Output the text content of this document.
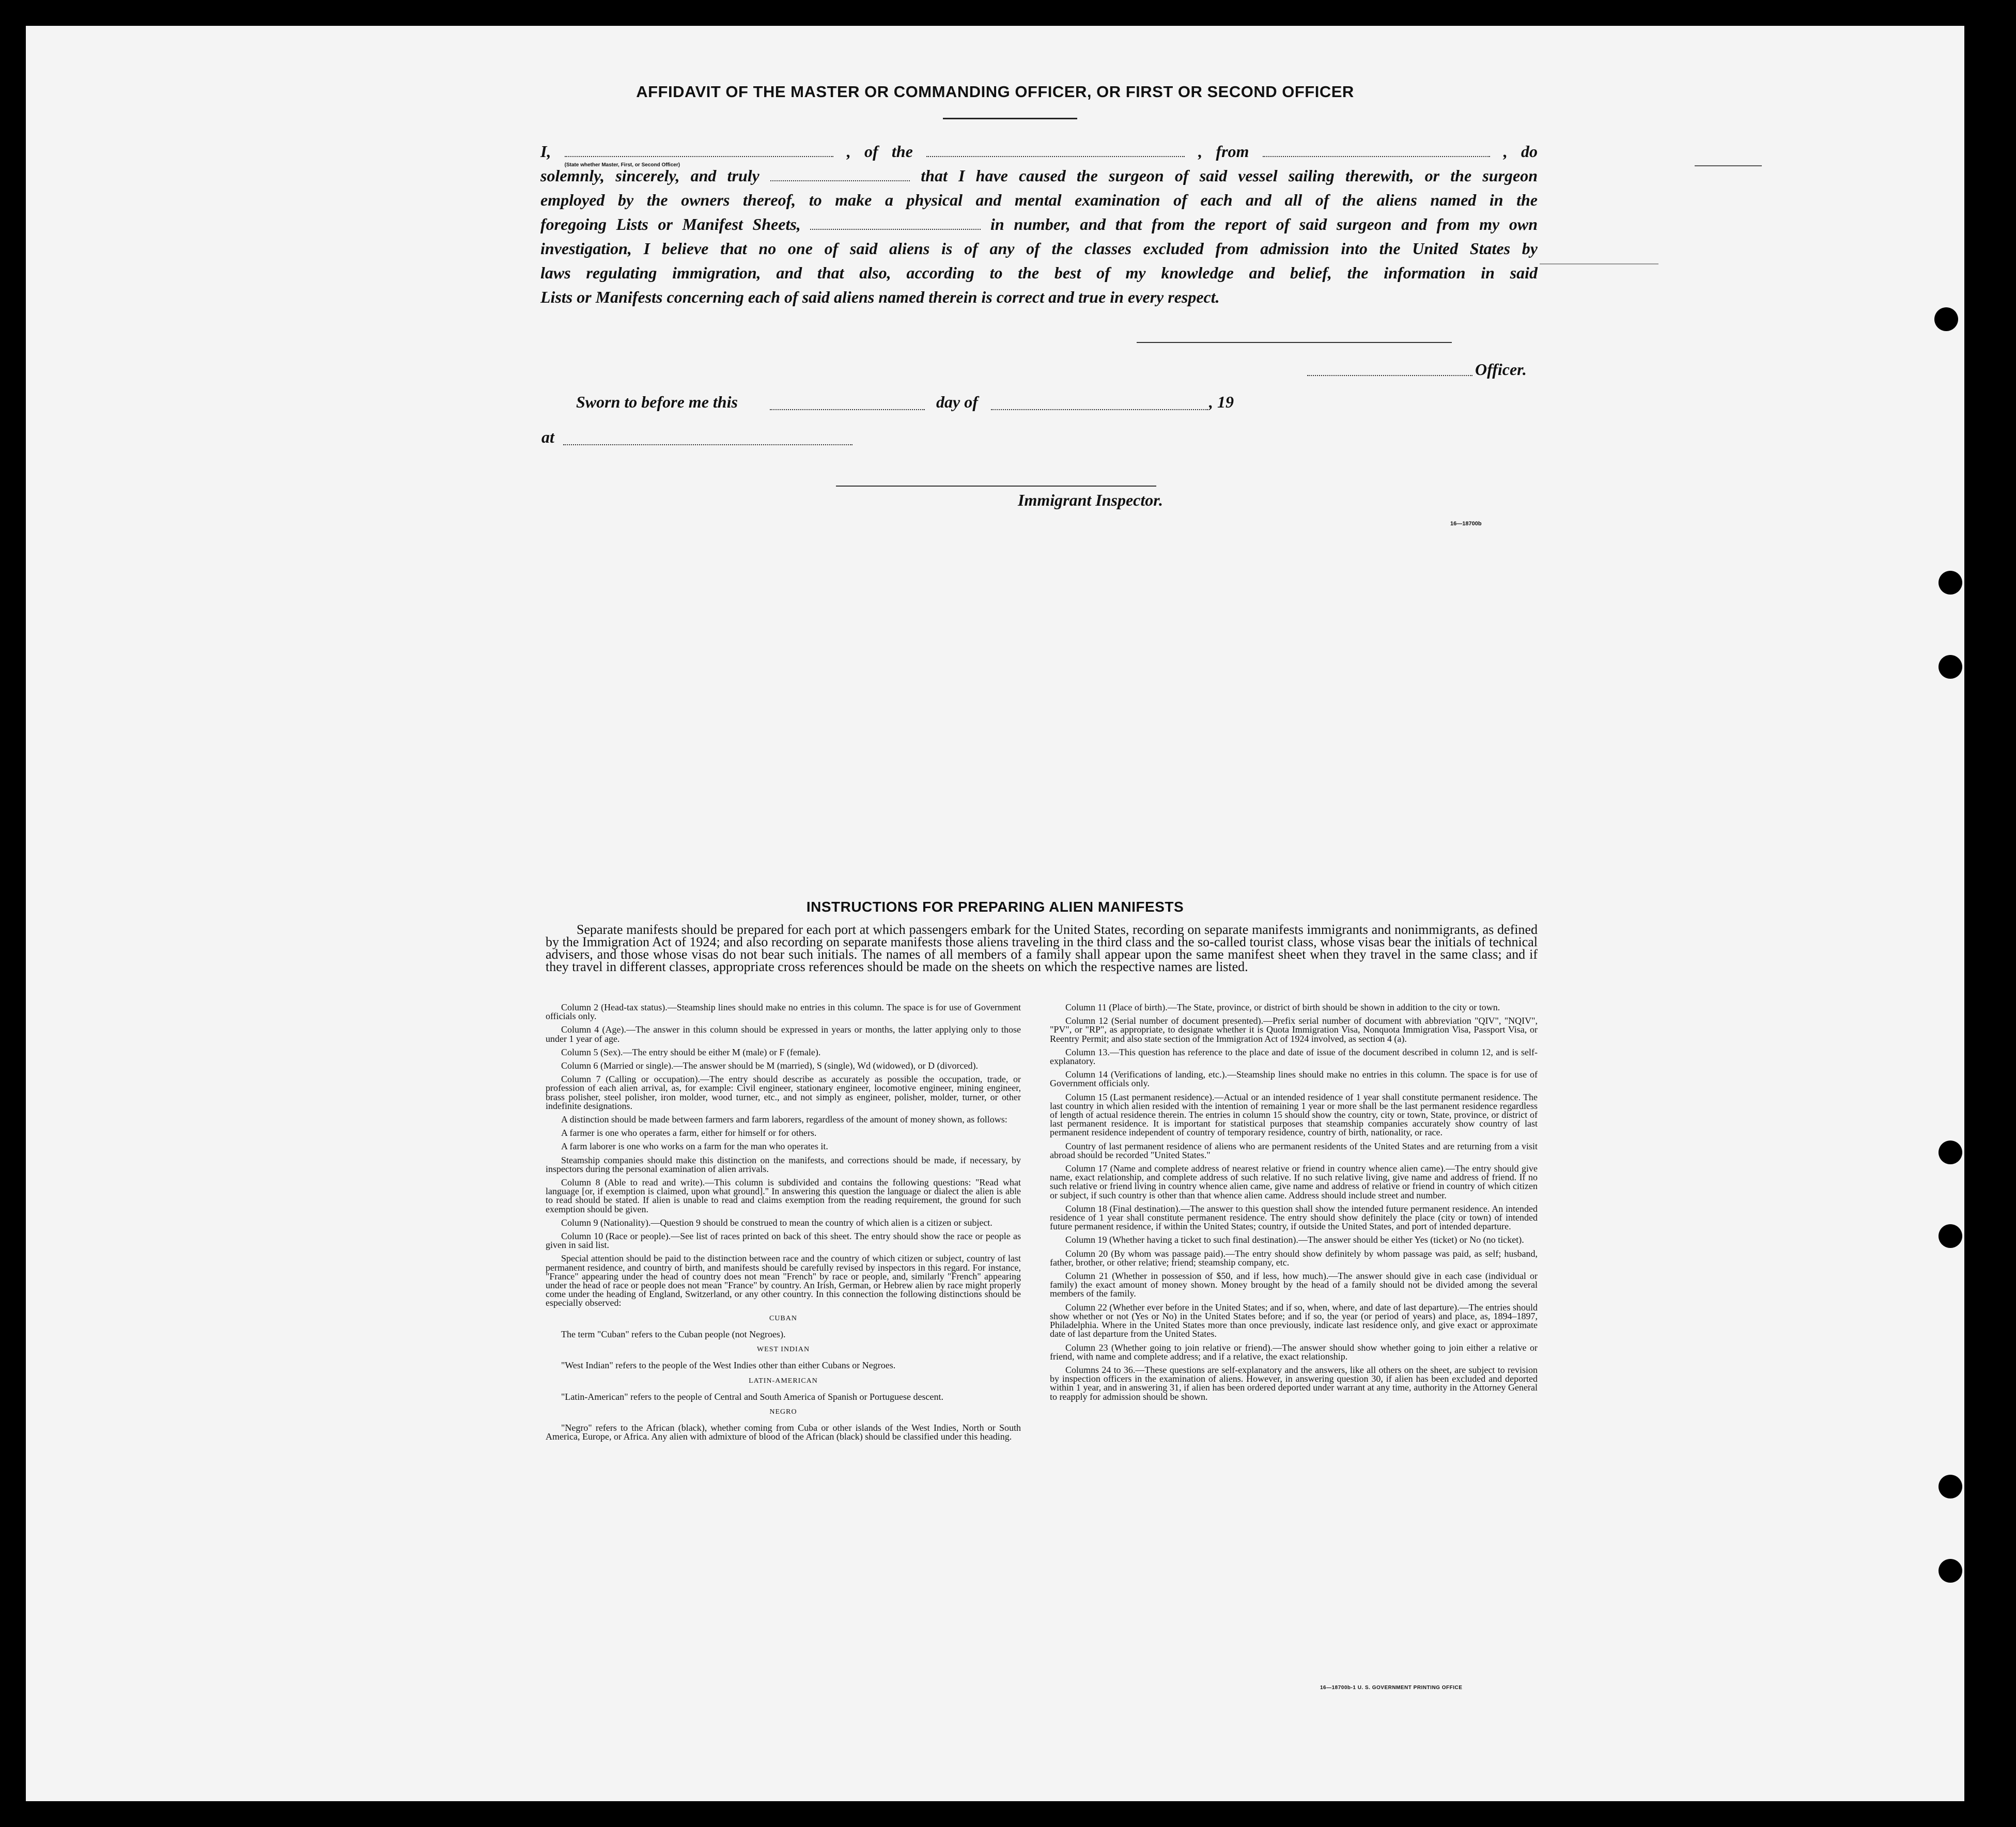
AFFIDAVIT OF THE MASTER OR COMMANDING OFFICER, OR FIRST OR SECOND OFFICER
I,
(State whether Master, First, or Second Officer)
, of the	, from	, do
solemnly, sincerely, and truly	that I have caused the surgeon of said vessel sailing therewith, or the surgeon
employed by the owners thereof, to make a physical and mental examination of each and all of the aliens named in the
foregoing Lists or Manifest Sheets,	in number, and that from the report of said surgeon and from my own
investigation, I believe that no one of said aliens is of any of the classes excluded from admission into the United States by
laws regulating immigration, and that also, according to the best of my knowledge and belief, the information in said
Lists or Manifests concerning each of said aliens named therein is correct and true in every respect.
Officer.
Sworn to before me this	day of	, 19
at
Immigrant Inspector.
16—18700b
INSTRUCTIONS FOR PREPARING ALIEN MANIFESTS
Separate manifests should be prepared for each port at which passengers embark for the United States, recording on separate manifests immigrants and nonimmigrants, as defined by the Immigration Act of 1924; and also recording on separate manifests those aliens traveling in the third class and the so-called tourist class, whose visas bear the initials of technical advisers, and those whose visas do not bear such initials. The names of all members of a family shall appear upon the same manifest sheet when they travel in the same class; and if they travel in different classes, appropriate cross references should be made on the sheets on which the respective names are listed.

Column 2 (Head-tax status).—Steamship lines should make no entries in this column. The space is for use of Government officials only.

Column 4 (Age).—The answer in this column should be expressed in years or months, the latter applying only to those under 1 year of age.

Column 5 (Sex).—The entry should be either M (male) or F (female).

Column 6 (Married or single).—The answer should be M (married), S (single), Wd (widowed), or D (divorced).

Column 7 (Calling or occupation).—The entry should describe as accurately as possible the occupation, trade, or profession of each alien arrival, as, for example: Civil engineer, stationary engineer, locomotive engineer, mining engineer, brass polisher, steel polisher, iron molder, wood turner, etc., and not simply as engineer, polisher, molder, turner, or other indefinite designations.

A distinction should be made between farmers and farm laborers, regardless of the amount of money shown, as follows:

A farmer is one who operates a farm, either for himself or for others.

A farm laborer is one who works on a farm for the man who operates it.

Steamship companies should make this distinction on the manifests, and corrections should be made, if necessary, by inspectors during the personal examination of alien arrivals.

Column 8 (Able to read and write).—This column is subdivided and contains the following questions: "Read what language [or, if exemption is claimed, upon what ground]." In answering this question the language or dialect the alien is able to read should be stated. If alien is unable to read and claims exemption from the reading requirement, the ground for such exemption should be given.

Column 9 (Nationality).—Question 9 should be construed to mean the country of which alien is a citizen or subject.

Column 10 (Race or people).—See list of races printed on back of this sheet. The entry should show the race or people as given in said list.

Special attention should be paid to the distinction between race and the country of which citizen or subject, country of last permanent residence, and country of birth, and manifests should be carefully revised by inspectors in this regard. For instance, "France" appearing under the head of country does not mean "French" by race or people, and, similarly "French" appearing under the head of race or people does not mean "France" by country. An Irish, German, or Hebrew alien by race might properly come under the heading of England, Switzerland, or any other country. In this connection the following distinctions should be especially observed:

CUBAN

The term "Cuban" refers to the Cuban people (not Negroes).

WEST INDIAN

"West Indian" refers to the people of the West Indies other than either Cubans or Negroes.

LATIN-AMERICAN

"Latin-American" refers to the people of Central and South America of Spanish or Portuguese descent.

NEGRO

"Negro" refers to the African (black), whether coming from Cuba or other islands of the West Indies, North or South America, Europe, or Africa. Any alien with admixture of blood of the African (black) should be classified under this heading.

Column 11 (Place of birth).—The State, province, or district of birth should be shown in addition to the city or town.

Column 12 (Serial number of document presented).—Prefix serial number of document with abbreviation "QIV", "NQIV", "PV", or "RP", as appropriate, to designate whether it is Quota Immigration Visa, Nonquota Immigration Visa, Passport Visa, or Reentry Permit; and also state section of the Immigration Act of 1924 involved, as section 4 (a).

Column 13.—This question has reference to the place and date of issue of the document described in column 12, and is self-explanatory.

Column 14 (Verifications of landing, etc.).—Steamship lines should make no entries in this column. The space is for use of Government officials only.

Column 15 (Last permanent residence).—Actual or an intended residence of 1 year shall constitute permanent residence. The last country in which alien resided with the intention of remaining 1 year or more shall be the last permanent residence regardless of length of actual residence therein. The entries in column 15 should show the country, city or town, State, province, or district of last permanent residence. It is important for statistical purposes that steamship companies accurately show country of last permanent residence independent of country of temporary residence, country of birth, nationality, or race.

Country of last permanent residence of aliens who are permanent residents of the United States and are returning from a visit abroad should be recorded "United States."

Column 17 (Name and complete address of nearest relative or friend in country whence alien came).—The entry should give name, exact relationship, and complete address of such relative. If no such relative living, give name and address of friend. If no such relative or friend living in country whence alien came, give name and address of relative or friend in country of which citizen or subject, if such country is other than that whence alien came. Address should include street and number.

Column 18 (Final destination).—The answer to this question shall show the intended future permanent residence. An intended residence of 1 year shall constitute permanent residence. The entry should show definitely the place (city or town) of intended future permanent residence, if within the United States; country, if outside the United States, and port of intended departure.

Column 19 (Whether having a ticket to such final destination).—The answer should be either Yes (ticket) or No (no ticket).

Column 20 (By whom was passage paid).—The entry should show definitely by whom passage was paid, as self; husband, father, brother, or other relative; friend; steamship company, etc.

Column 21 (Whether in possession of $50, and if less, how much).—The answer should give in each case (individual or family) the exact amount of money shown. Money brought by the head of a family should not be divided among the several members of the family.

Column 22 (Whether ever before in the United States; and if so, when, where, and date of last departure).—The entries should show whether or not (Yes or No) in the United States before; and if so, the year (or period of years) and place, as, 1894–1897, Philadelphia. Where in the United States more than once previously, indicate last residence only, and give exact or approximate date of last departure from the United States.

Column 23 (Whether going to join relative or friend).—The answer should show whether going to join either a relative or friend, with name and complete address; and if a relative, the exact relationship.

Columns 24 to 36.—These questions are self-explanatory and the answers, like all others on the sheet, are subject to revision by inspection officers in the examination of aliens. However, in answering question 30, if alien has been excluded and deported within 1 year, and in answering 31, if alien has been ordered deported under warrant at any time, authority in the Attorney General to reapply for admission should be shown.

16—18700b-1 U. S. GOVERNMENT PRINTING OFFICE
